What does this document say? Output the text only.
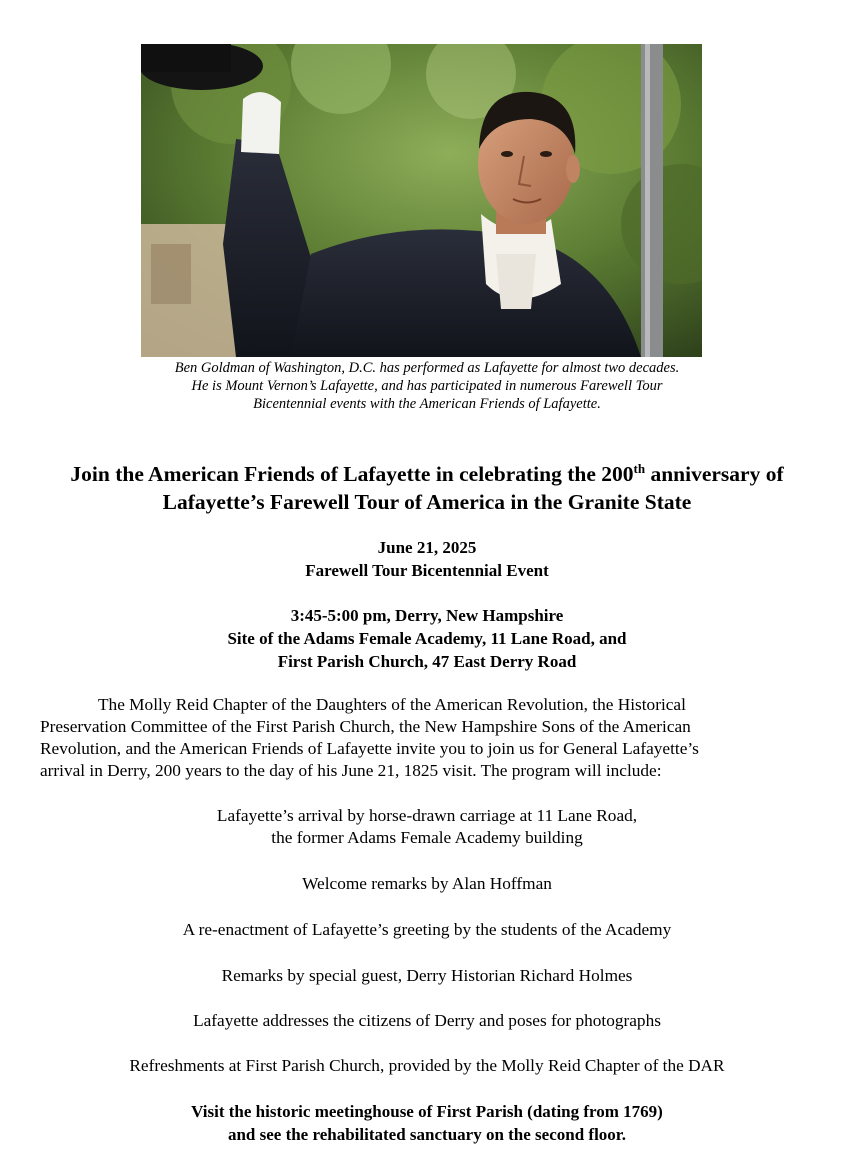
Ben Goldman of Washington, D.C. has performed as Lafayette for almost two decades.
He is Mount Vernon’s Lafayette, and has participated in numerous Farewell Tour
Bicentennial events with the American Friends of Lafayette.
Join the American Friends of Lafayette in celebrating the 200th anniversary of
Lafayette’s Farewell Tour of America in the Granite State
June 21, 2025
Farewell Tour Bicentennial Event
3:45-5:00 pm, Derry, New Hampshire
Site of the Adams Female Academy, 11 Lane Road, and
First Parish Church, 47 East Derry Road
The Molly Reid Chapter of the Daughters of the American Revolution, the Historical
Preservation Committee of the First Parish Church, the New Hampshire Sons of the American
Revolution, and the American Friends of Lafayette invite you to join us for General Lafayette’s
arrival in Derry, 200 years to the day of his June 21, 1825 visit. The program will include:
Lafayette’s arrival by horse-drawn carriage at 11 Lane Road,
the former Adams Female Academy building
Welcome remarks by Alan Hoffman
A re-enactment of Lafayette’s greeting by the students of the Academy
Remarks by special guest, Derry Historian Richard Holmes
Lafayette addresses the citizens of Derry and poses for photographs
Refreshments at First Parish Church, provided by the Molly Reid Chapter of the DAR
Visit the historic meetinghouse of First Parish (dating from 1769)
and see the rehabilitated sanctuary on the second floor.
